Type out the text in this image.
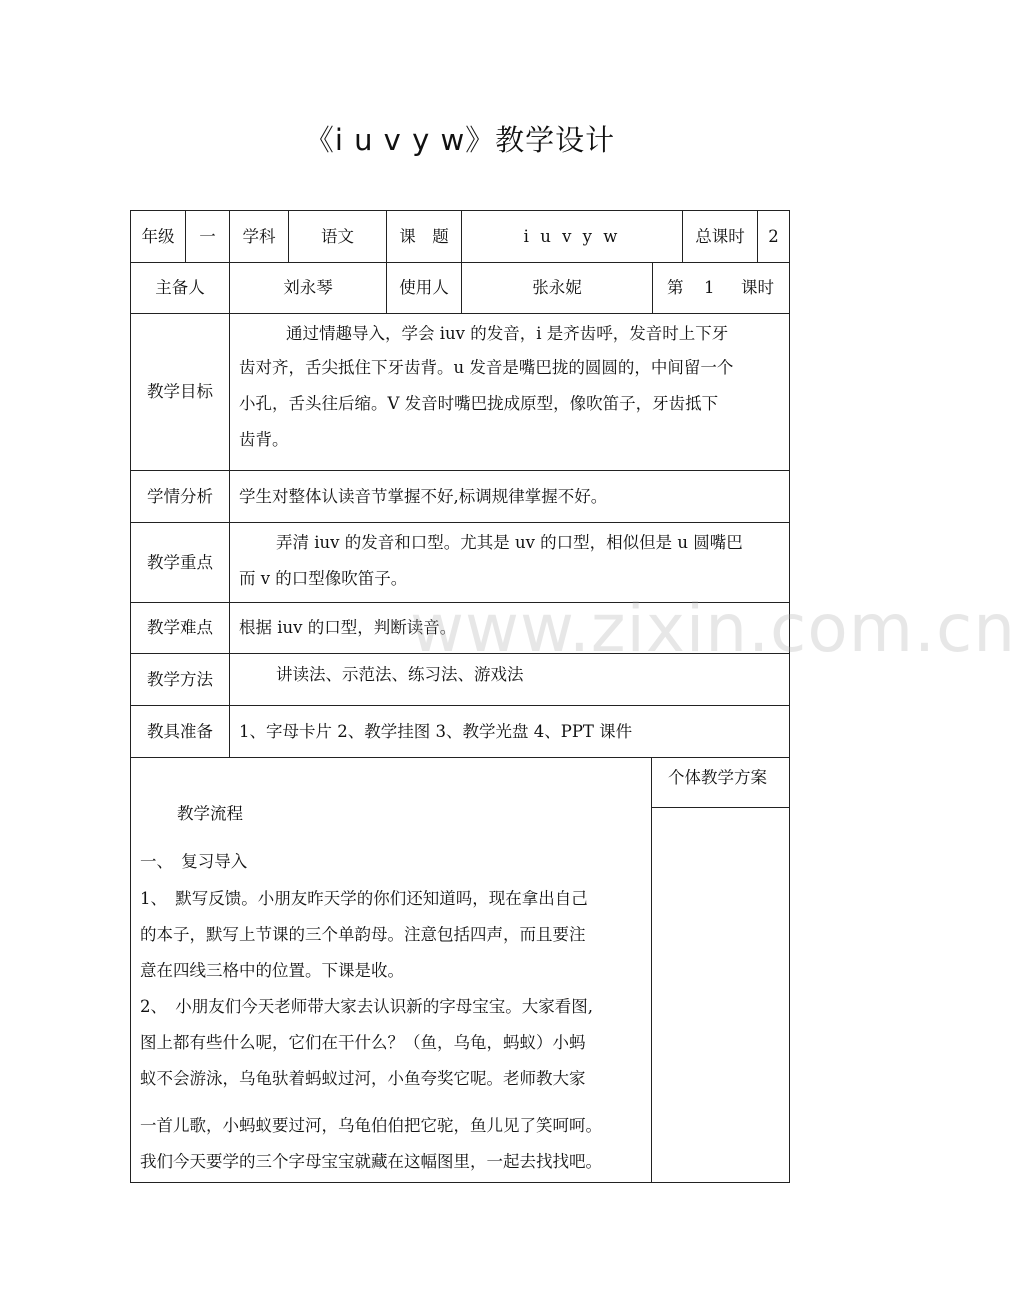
《i u v y w》教学设计
年级 一 学科	语文	课　题	i u v y w	总课时 2
主备人	刘永琴	使用人	张永妮	第 1 课时
教学目标
通过情趣导入，学会 iuv 的发音，i 是齐齿呼，发音时上下牙
齿对齐，舌尖抵住下牙齿背。u 发音是嘴巴拢的圆圆的，中间留一个
小孔，舌头往后缩。V 发音时嘴巴拢成原型，像吹笛子，牙齿抵下
齿背。
学情分析 学生对整体认读音节掌握不好,标调规律掌握不好。
教学重点
弄清 iuv 的发音和口型。尤其是 uv 的口型，相似但是 u 圆嘴巴
而 v 的口型像吹笛子。
教学难点 根据 iuv 的口型，判断读音。
教学方法	讲读法、示范法、练习法、游戏法
教具准备 1、字母卡片 2、教学挂图 3、教学光盘 4、PPT 课件
教学流程
一、　复习导入
1、　默写反馈。小朋友昨天学的你们还知道吗，现在拿出自己
的本子，默写上节课的三个单韵母。注意包括四声，而且要注
意在四线三格中的位置。下课是收。
2、　小朋友们今天老师带大家去认识新的字母宝宝。大家看图,
图上都有些什么呢，它们在干什么？（鱼，乌龟，蚂蚁）小蚂
蚁不会游泳，乌龟驮着蚂蚁过河，小鱼夸奖它呢。老师教大家
一首儿歌，小蚂蚁要过河，乌龟伯伯把它驼，鱼儿见了笑呵呵。
我们今天要学的三个字母宝宝就藏在这幅图里，一起去找找吧。
个体教学方案
www.zixin.com.cn
